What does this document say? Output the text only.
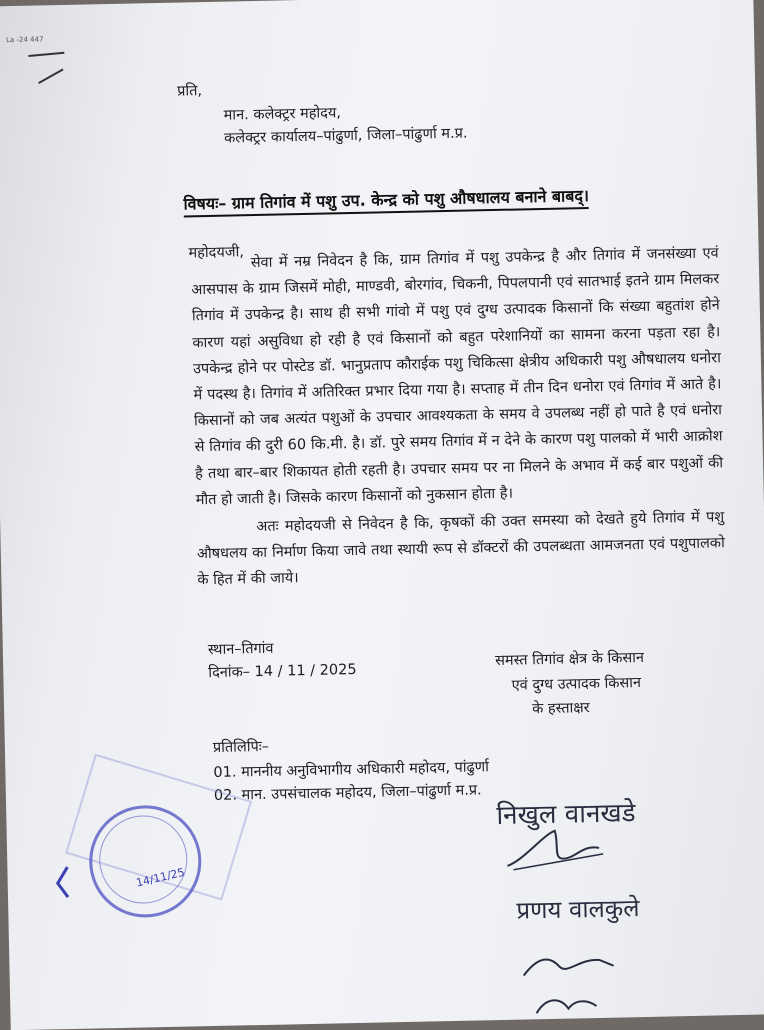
La -24 447
प्रति,
मान. कलेक्ट्रर महोदय,
कलेक्ट्रर कार्यालय–पांढुर्णा, जिला–पांढुर्णा म.प्र.
विषयः– ग्राम तिगांव में पशु उप. केन्द्र को पशु औषधालय बनाने बाबद्।
महोदयजी, सेवा में नम्र निवेदन है कि, ग्राम तिगांव में पशु उपकेन्द्र है और तिगांव में जनसंख्या एवं आसपास के ग्राम जिसमें मोही, माण्डवी, बोरगांव, चिकनी, पिपलपानी एवं सातभाई इतने ग्राम मिलकर तिगांव में उपकेन्द्र है। साथ ही सभी गांवो में पशु एवं दुग्ध उत्पादक किसानों कि संख्या बहुतांश होने कारण यहां असुविधा हो रही है एवं किसानों को बहुत परेशानियों का सामना करना पड़ता रहा है। उपकेन्द्र होने पर पोस्टेड डॉ. भानुप्रताप कौराईक पशु चिकित्सा क्षेत्रीय अधिकारी पशु औषधालय धनोरा में पदस्थ है। तिगांव में अतिरिक्त प्रभार दिया गया है। सप्ताह में तीन दिन धनोरा एवं तिगांव में आते है। किसानों को जब अत्यंत पशुओं के उपचार आवश्यकता के समय वे उपलब्ध नहीं हो पाते है एवं धनोरा से तिगांव की दुरी 60 कि.मी. है। डॉ. पुरे समय तिगांव में न देने के कारण पशु पालको में भारी आक्रोश है तथा बार–बार शिकायत होती रहती है। उपचार समय पर ना मिलने के अभाव में कई बार पशुओं की मौत हो जाती है। जिसके कारण किसानों को नुकसान होता है।

अतः महोदयजी से निवेदन है कि, कृषकों की उक्त समस्या को देखते हुये तिगांव में पशु औषधलय का निर्माण किया जावे तथा स्थायी रूप से डॉक्टरों की उपलब्धता आमजनता एवं पशुपालको के हित में की जाये।

स्थान–तिगांव
दिनांक– 14 / 11 / 2025
समस्त तिगांव क्षेत्र के किसान
एवं दुग्ध उत्पादक किसान
के हस्ताक्षर
प्रतिलिपिः–
01. माननीय अनुविभागीय अधिकारी महोदय, पांढुर्णा
02. मान. उपसंचालक महोदय, जिला–पांढुर्णा म.प्र.
14/11/25
निखुल वानखडे
प्रणय वालकुले
